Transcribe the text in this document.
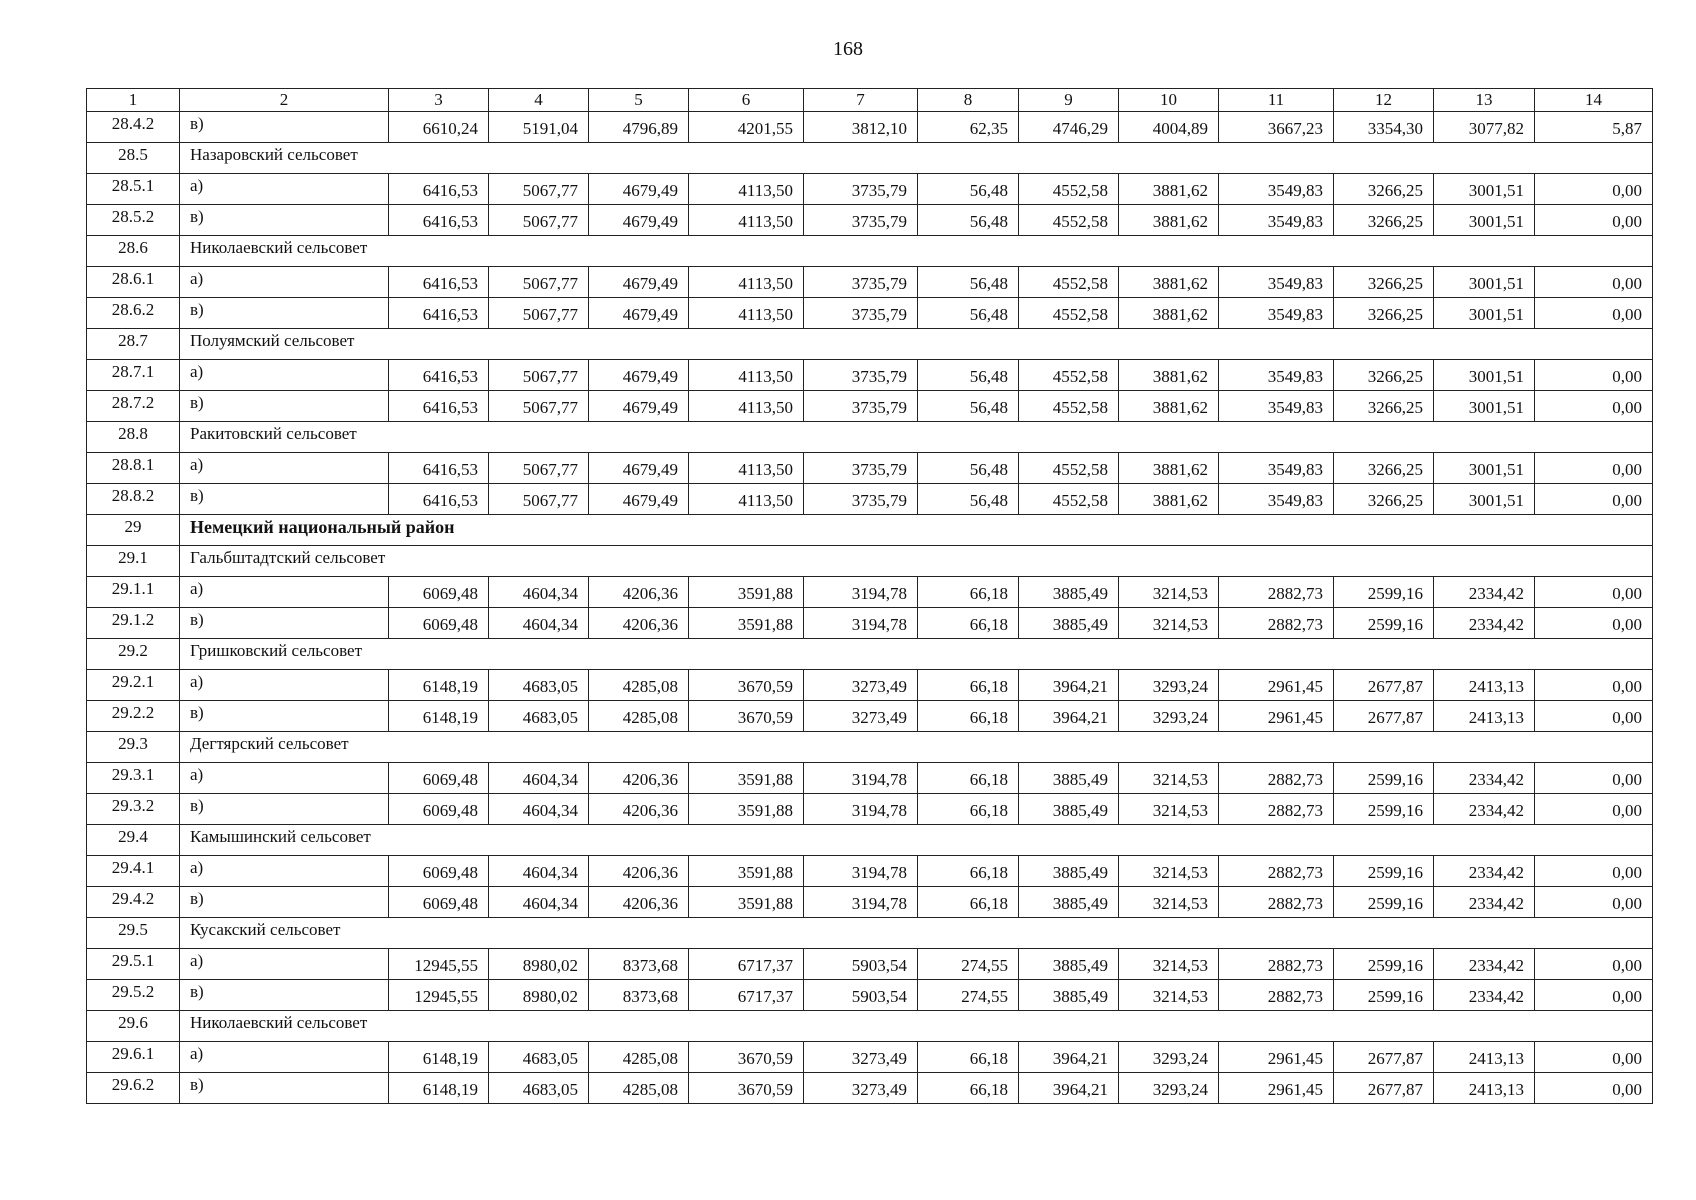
168
1	2	3	4	5	6	7	8	9	10	11	12	13	14
28.4.2	в)	6610,24	5191,04	4796,89	4201,55	3812,10	62,35	4746,29	4004,89	3667,23	3354,30	3077,82	5,87
28.5	Назаровский сельсовет												
28.5.1	а)	6416,53	5067,77	4679,49	4113,50	3735,79	56,48	4552,58	3881,62	3549,83	3266,25	3001,51	0,00
28.5.2	в)	6416,53	5067,77	4679,49	4113,50	3735,79	56,48	4552,58	3881,62	3549,83	3266,25	3001,51	0,00
28.6	Николаевский сельсовет												
28.6.1	а)	6416,53	5067,77	4679,49	4113,50	3735,79	56,48	4552,58	3881,62	3549,83	3266,25	3001,51	0,00
28.6.2	в)	6416,53	5067,77	4679,49	4113,50	3735,79	56,48	4552,58	3881,62	3549,83	3266,25	3001,51	0,00
28.7	Полуямский сельсовет												
28.7.1	а)	6416,53	5067,77	4679,49	4113,50	3735,79	56,48	4552,58	3881,62	3549,83	3266,25	3001,51	0,00
28.7.2	в)	6416,53	5067,77	4679,49	4113,50	3735,79	56,48	4552,58	3881,62	3549,83	3266,25	3001,51	0,00
28.8	Ракитовский сельсовет												
28.8.1	а)	6416,53	5067,77	4679,49	4113,50	3735,79	56,48	4552,58	3881,62	3549,83	3266,25	3001,51	0,00
28.8.2	в)	6416,53	5067,77	4679,49	4113,50	3735,79	56,48	4552,58	3881,62	3549,83	3266,25	3001,51	0,00
29	Немецкий национальный район												
29.1	Гальбштадтский сельсовет												
29.1.1	а)	6069,48	4604,34	4206,36	3591,88	3194,78	66,18	3885,49	3214,53	2882,73	2599,16	2334,42	0,00
29.1.2	в)	6069,48	4604,34	4206,36	3591,88	3194,78	66,18	3885,49	3214,53	2882,73	2599,16	2334,42	0,00
29.2	Гришковский сельсовет												
29.2.1	а)	6148,19	4683,05	4285,08	3670,59	3273,49	66,18	3964,21	3293,24	2961,45	2677,87	2413,13	0,00
29.2.2	в)	6148,19	4683,05	4285,08	3670,59	3273,49	66,18	3964,21	3293,24	2961,45	2677,87	2413,13	0,00
29.3	Дегтярский сельсовет												
29.3.1	а)	6069,48	4604,34	4206,36	3591,88	3194,78	66,18	3885,49	3214,53	2882,73	2599,16	2334,42	0,00
29.3.2	в)	6069,48	4604,34	4206,36	3591,88	3194,78	66,18	3885,49	3214,53	2882,73	2599,16	2334,42	0,00
29.4	Камышинский сельсовет												
29.4.1	а)	6069,48	4604,34	4206,36	3591,88	3194,78	66,18	3885,49	3214,53	2882,73	2599,16	2334,42	0,00
29.4.2	в)	6069,48	4604,34	4206,36	3591,88	3194,78	66,18	3885,49	3214,53	2882,73	2599,16	2334,42	0,00
29.5	Кусакский сельсовет												
29.5.1	а)	12945,55	8980,02	8373,68	6717,37	5903,54	274,55	3885,49	3214,53	2882,73	2599,16	2334,42	0,00
29.5.2	в)	12945,55	8980,02	8373,68	6717,37	5903,54	274,55	3885,49	3214,53	2882,73	2599,16	2334,42	0,00
29.6	Николаевский сельсовет												
29.6.1	а)	6148,19	4683,05	4285,08	3670,59	3273,49	66,18	3964,21	3293,24	2961,45	2677,87	2413,13	0,00
29.6.2	в)	6148,19	4683,05	4285,08	3670,59	3273,49	66,18	3964,21	3293,24	2961,45	2677,87	2413,13	0,00
